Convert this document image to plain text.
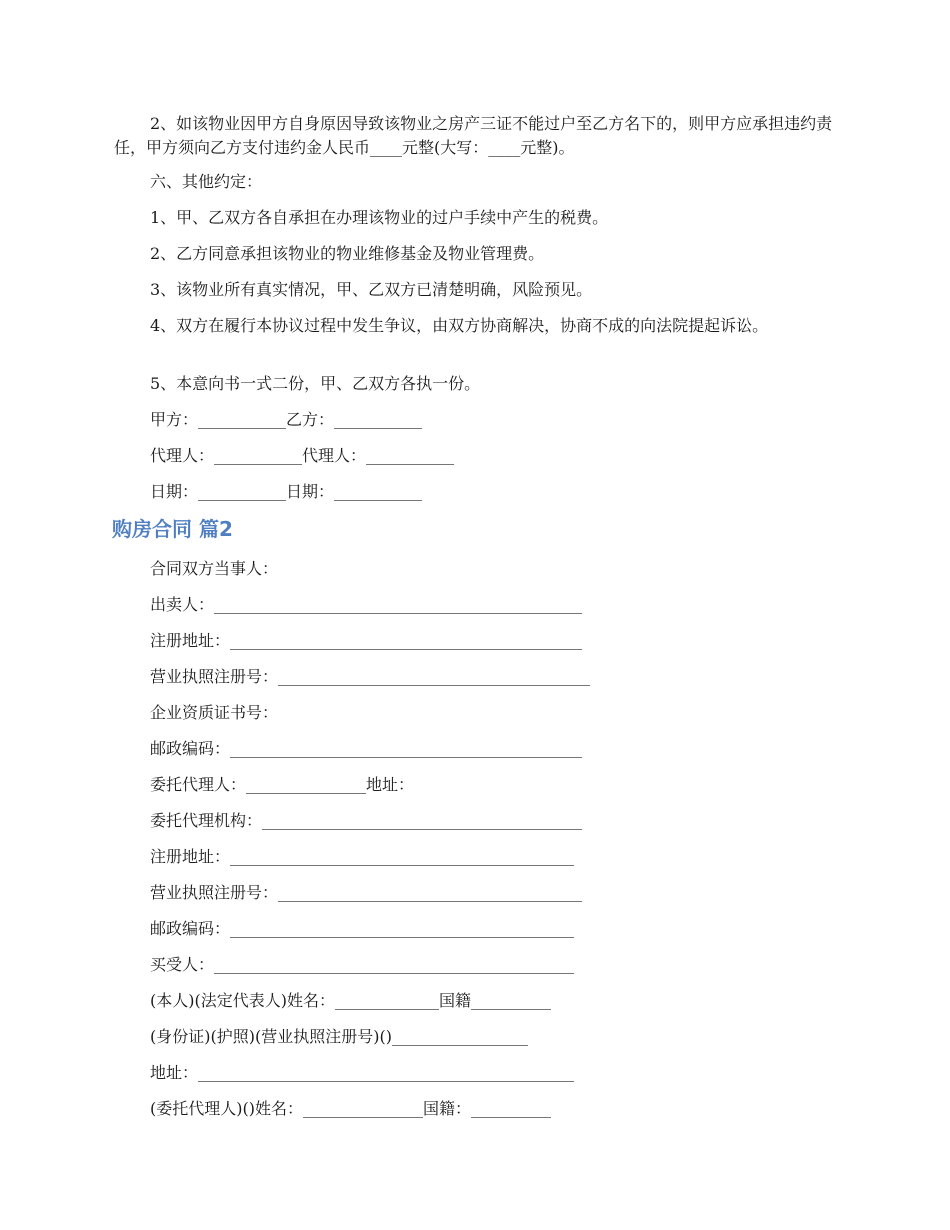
2、如该物业因甲方自身原因导致该物业之房产三证不能过户至乙方名下的，则甲方应承担违约责任，甲方须向乙方支付违约金人民币____元整(大写：____元整)。
六、其他约定：
1、甲、乙双方各自承担在办理该物业的过户手续中产生的税费。
2、乙方同意承担该物业的物业维修基金及物业管理费。
3、该物业所有真实情况，甲、乙双方已清楚明确，风险预见。
4、双方在履行本协议过程中发生争议，由双方协商解决，协商不成的向法院提起诉讼。
5、本意向书一式二份，甲、乙双方各执一份。
甲方：___________乙方：___________
代理人：___________代理人：___________
日期：___________日期：___________
购房合同 篇2
合同双方当事人：
出卖人：______________________________________________
注册地址：____________________________________________
营业执照注册号：_______________________________________
企业资质证书号：
邮政编码：____________________________________________
委托代理人：_______________地址：
委托代理机构：________________________________________
注册地址：___________________________________________
营业执照注册号：______________________________________
邮政编码：___________________________________________
买受人：_____________________________________________
(本人)(法定代表人)姓名：_____________国籍__________
(身份证)(护照)(营业执照注册号)()_________________
地址：_______________________________________________
(委托代理人)()姓名：_______________国籍：__________
